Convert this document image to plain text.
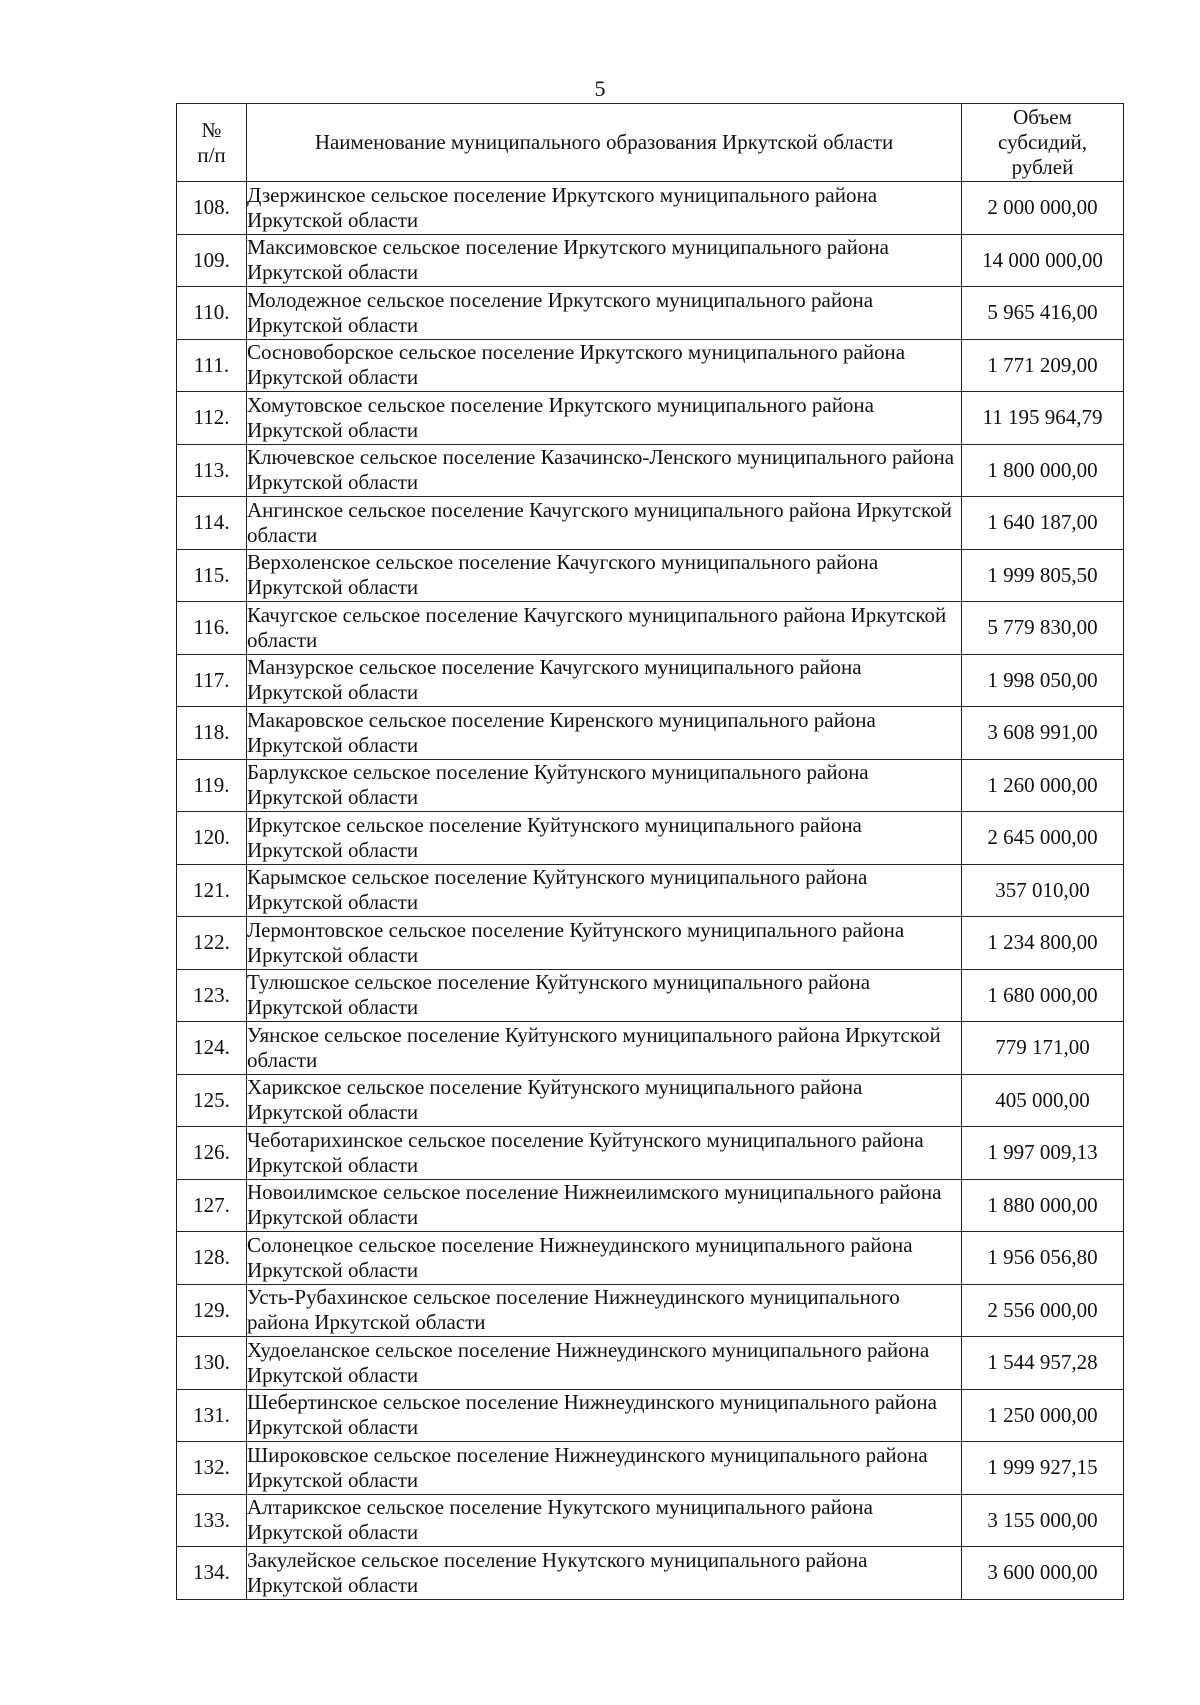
5
№ п/п	Наименование муниципального образования Иркутской области	Объем субсидий, рублей
108.	Дзержинское сельское поселение Иркутского муниципального района Иркутской области	2 000 000,00
109.	Максимовское сельское поселение Иркутского муниципального района Иркутской области	14 000 000,00
110.	Молодежное сельское поселение Иркутского муниципального района Иркутской области	5 965 416,00
111.	Сосновоборское сельское поселение Иркутского муниципального района Иркутской области	1 771 209,00
112.	Хомутовское сельское поселение Иркутского муниципального района Иркутской области	11 195 964,79
113.	Ключевское сельское поселение Казачинско-Ленского муниципального района Иркутской области	1 800 000,00
114.	Ангинское сельское поселение Качугского муниципального района Иркутской области	1 640 187,00
115.	Верхоленское сельское поселение Качугского муниципального района Иркутской области	1 999 805,50
116.	Качугское сельское поселение Качугского муниципального района Иркутской области	5 779 830,00
117.	Манзурское сельское поселение Качугского муниципального района Иркутской области	1 998 050,00
118.	Макаровское сельское поселение Киренского муниципального района Иркутской области	3 608 991,00
119.	Барлукское сельское поселение Куйтунского муниципального района Иркутской области	1 260 000,00
120.	Иркутское сельское поселение Куйтунского муниципального района Иркутской области	2 645 000,00
121.	Карымское сельское поселение Куйтунского муниципального района Иркутской области	357 010,00
122.	Лермонтовское сельское поселение Куйтунского муниципального района Иркутской области	1 234 800,00
123.	Тулюшское сельское поселение Куйтунского муниципального района Иркутской области	1 680 000,00
124.	Уянское сельское поселение Куйтунского муниципального района Иркутской области	779 171,00
125.	Харикское сельское поселение Куйтунского муниципального района Иркутской области	405 000,00
126.	Чеботарихинское сельское поселение Куйтунского муниципального района Иркутской области	1 997 009,13
127.	Новоилимское сельское поселение Нижнеилимского муниципального района Иркутской области	1 880 000,00
128.	Солонецкое сельское поселение Нижнеудинского муниципального района Иркутской области	1 956 056,80
129.	Усть-Рубахинское сельское поселение Нижнеудинского муниципального района Иркутской области	2 556 000,00
130.	Худоеланское сельское поселение Нижнеудинского муниципального района Иркутской области	1 544 957,28
131.	Шебертинское сельское поселение Нижнеудинского муниципального района Иркутской области	1 250 000,00
132.	Широковское сельское поселение Нижнеудинского муниципального района Иркутской области	1 999 927,15
133.	Алтарикское сельское поселение Нукутского муниципального района Иркутской области	3 155 000,00
134.	Закулейское сельское поселение Нукутского муниципального района Иркутской области	3 600 000,00
